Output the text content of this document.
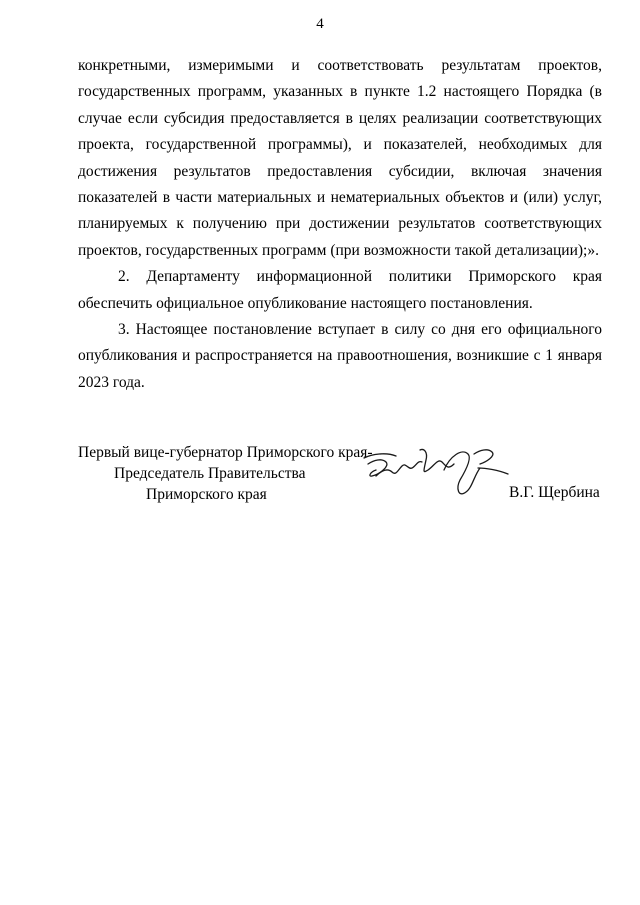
4

конкретными, измеримыми и соответствовать результатам проектов, государственных программ, указанных в пункте 1.2 настоящего Порядка (в случае если субсидия предоставляется в целях реализации соответствующих проекта, государственной программы), и показателей, необходимых для достижения результатов предоставления субсидии, включая значения показателей в части материальных и нематериальных объектов и (или) услуг, планируемых к получению при достижении результатов соответствующих проектов, государственных программ (при возможности такой детализации);».

2. Департаменту информационной политики Приморского края обеспечить официальное опубликование настоящего постановления.

3. Настоящее постановление вступает в силу со дня его официального опубликования и распространяется на правоотношения, возникшие с 1 января 2023 года.

Первый вице-губернатор Приморского края-
Председатель Правительства
Приморского края	В.Г. Щербина
